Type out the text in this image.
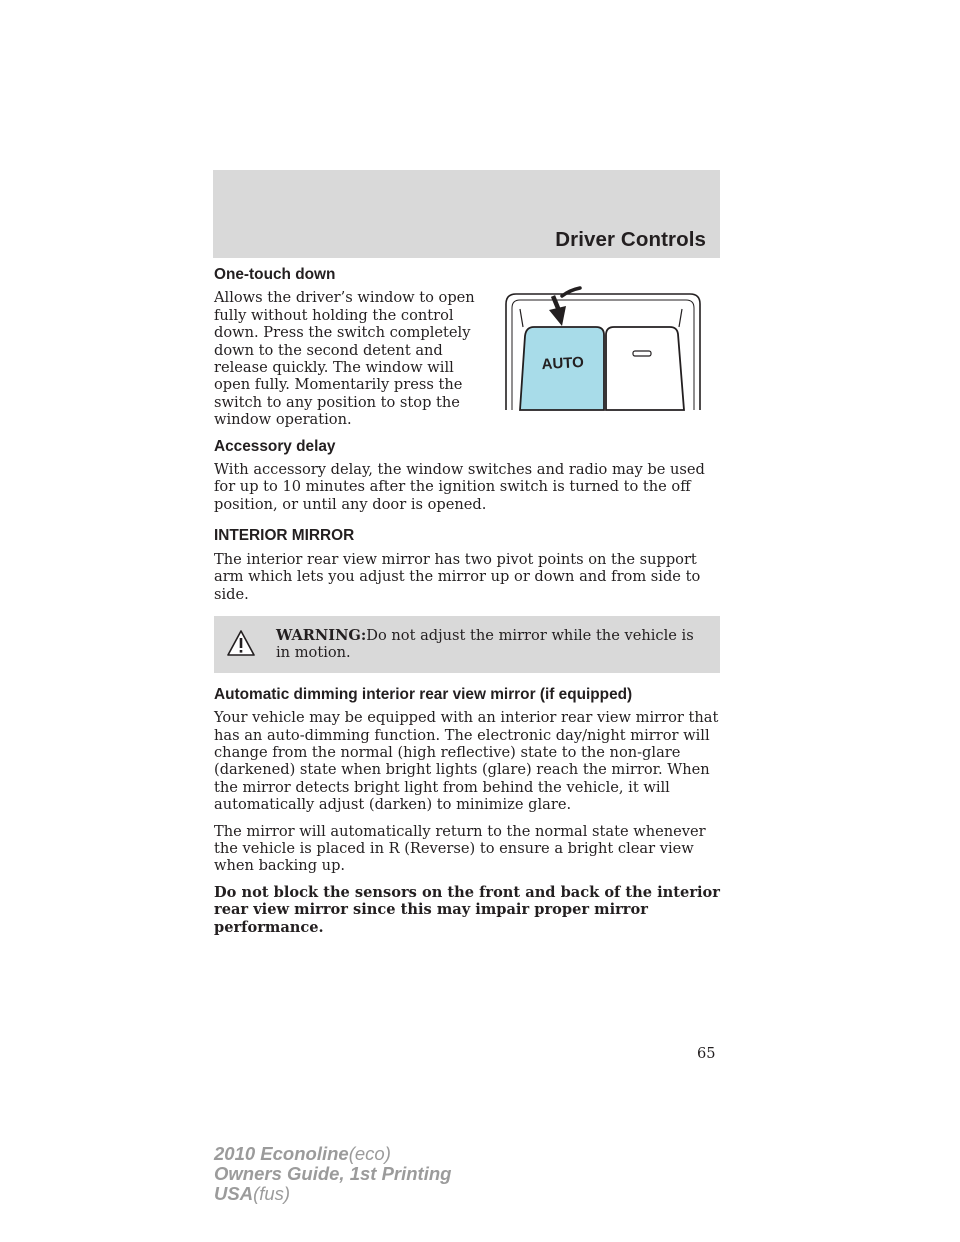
Driver Controls
One-touch down

Allows the driver’s window to open fully without holding the control down. Press the switch completely down to the second detent and release quickly. The window will open fully. Momentarily press the switch to any position to stop the window operation.

AUTO
Accessory delay

With accessory delay, the window switches and radio may be used for up to 10 minutes after the ignition switch is turned to the off position, or until any door is opened.

INTERIOR MIRROR

The interior rear view mirror has two pivot points on the support arm which lets you adjust the mirror up or down and from side to side.

WARNING:Do not adjust the mirror while the vehicle is in motion.
Automatic dimming interior rear view mirror (if equipped)

Your vehicle may be equipped with an interior rear view mirror that has an auto-dimming function. The electronic day/night mirror will change from the normal (high reflective) state to the non-glare (darkened) state when bright lights (glare) reach the mirror. When the mirror detects bright light from behind the vehicle, it will automatically adjust (darken) to minimize glare.

The mirror will automatically return to the normal state whenever the vehicle is placed in R (Reverse) to ensure a bright clear view when backing up.

Do not block the sensors on the front and back of the interior rear view mirror since this may impair proper mirror performance.

65
2010 Econoline(eco)
Owners Guide, 1st Printing
USA(fus)
